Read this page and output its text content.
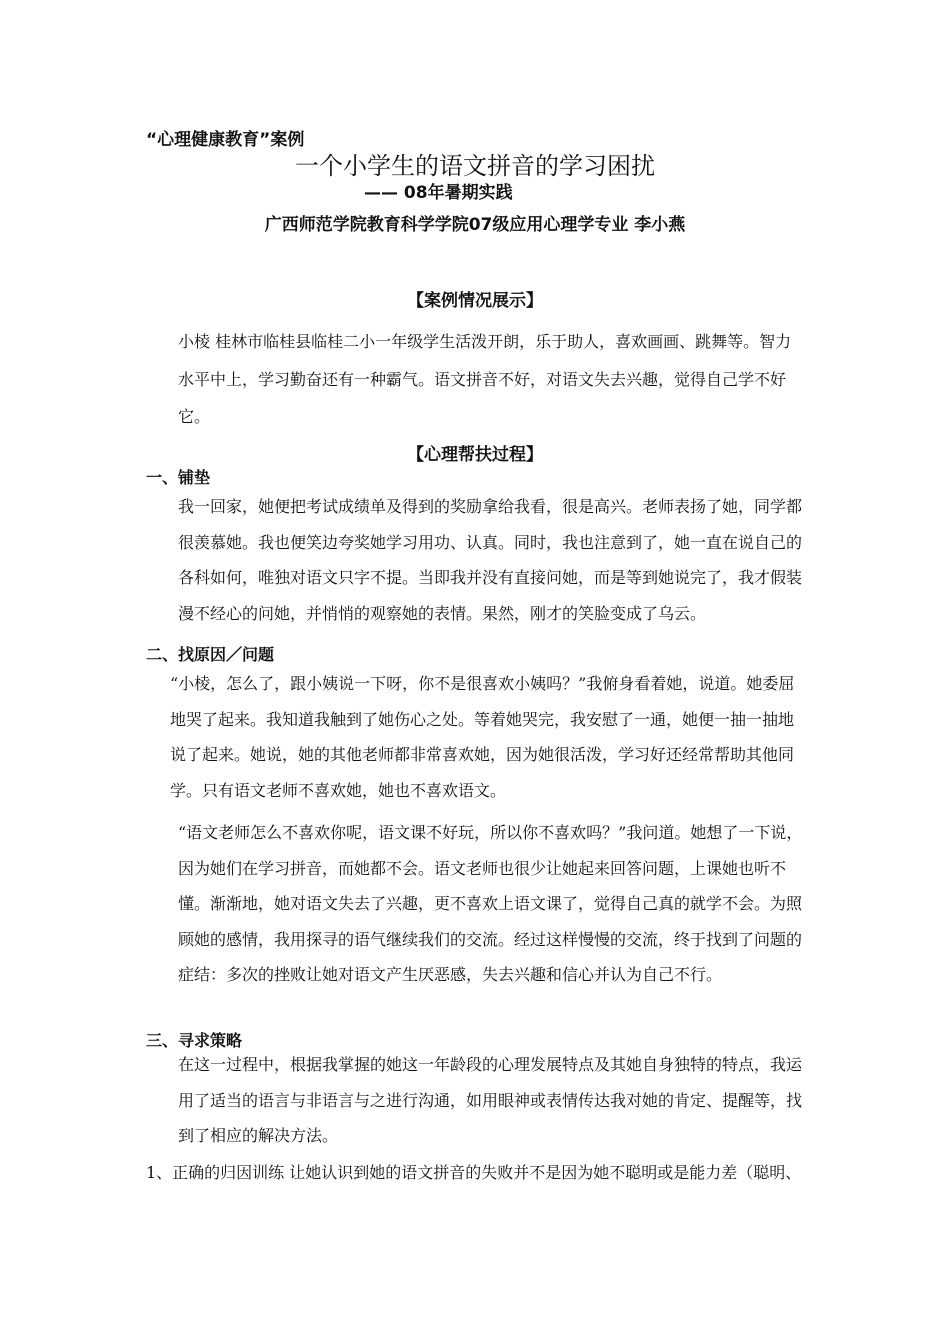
“心理健康教育”案例
一个小学生的语文拼音的学习困扰
—— 08年暑期实践
广西师范学院教育科学学院07级应用心理学专业 李小燕
【案例情况展示】

小棱 桂林市临桂县临桂二小一年级学生活泼开朗，乐于助人，喜欢画画、跳舞等。智力水平中上，学习勤奋还有一种霸气。语文拼音不好，对语文失去兴趣，觉得自己学不好它。

【心理帮扶过程】
一、铺垫

我一回家，她便把考试成绩单及得到的奖励拿给我看，很是高兴。老师表扬了她，同学都很羡慕她。我也便笑边夸奖她学习用功、认真。同时，我也注意到了，她一直在说自己的各科如何，唯独对语文只字不提。当即我并没有直接问她，而是等到她说完了，我才假装漫不经心的问她，并悄悄的观察她的表情。果然，刚才的笑脸变成了乌云。

二、找原因／问题

“小棱，怎么了，跟小姨说一下呀，你不是很喜欢小姨吗？”我俯身看着她，说道。她委屈地哭了起来。我知道我触到了她伤心之处。等着她哭完，我安慰了一通，她便一抽一抽地说了起来。她说，她的其他老师都非常喜欢她，因为她很活泼，学习好还经常帮助其他同学。只有语文老师不喜欢她，她也不喜欢语文。

“语文老师怎么不喜欢你呢，语文课不好玩，所以你不喜欢吗？”我问道。她想了一下说，因为她们在学习拼音，而她都不会。语文老师也很少让她起来回答问题，上课她也听不懂。渐渐地，她对语文失去了兴趣，更不喜欢上语文课了，觉得自己真的就学不会。为照顾她的感情，我用探寻的语气继续我们的交流。经过这样慢慢的交流，终于找到了问题的症结：多次的挫败让她对语文产生厌恶感，失去兴趣和信心并认为自己不行。

三、寻求策略

在这一过程中，根据我掌握的她这一年龄段的心理发展特点及其她自身独特的特点，我运用了适当的语言与非语言与之进行沟通，如用眼神或表情传达我对她的肯定、提醒等，找到了相应的解决方法。

1、正确的归因训练 让她认识到她的语文拼音的失败并不是因为她不聪明或是能力差（聪明、
